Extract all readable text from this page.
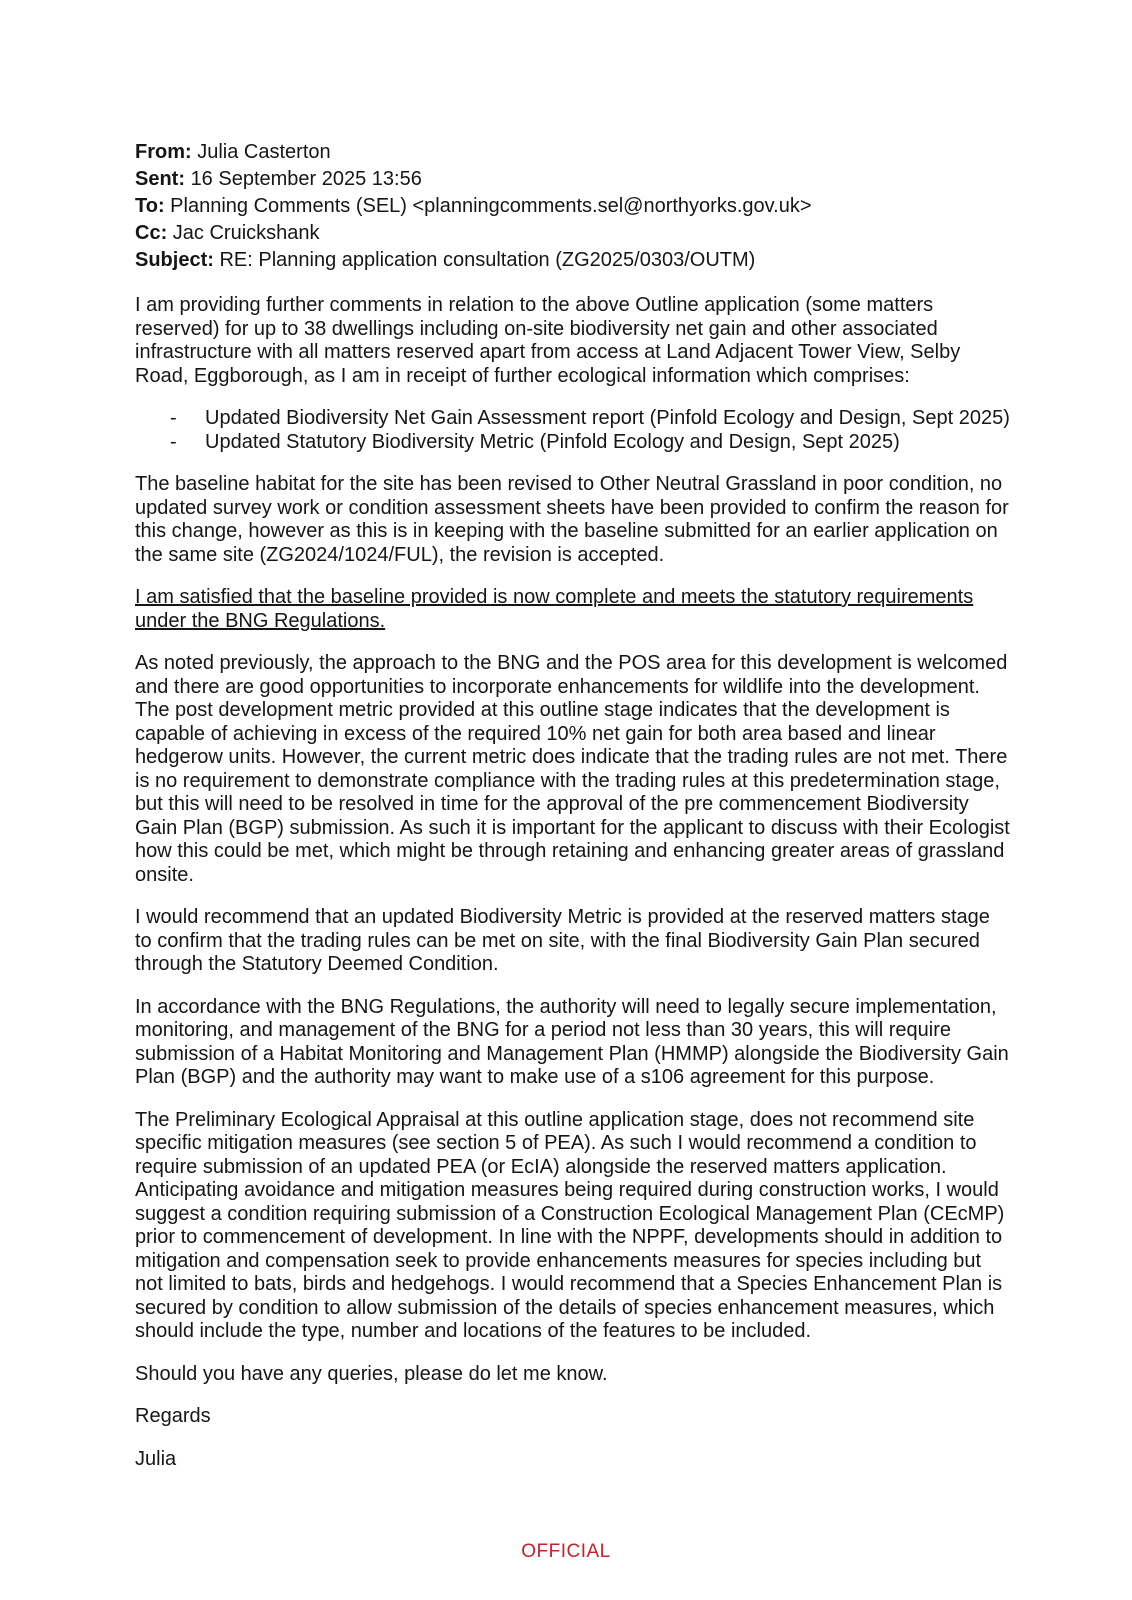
From: Julia Casterton
Sent: 16 September 2025 13:56
To: Planning Comments (SEL) <planningcomments.sel@northyorks.gov.uk>
Cc: Jac Cruickshank
Subject: RE: Planning application consultation (ZG2025/0303/OUTM)

I am providing further comments in relation to the above Outline application (some matters reserved) for up to 38 dwellings including on-site biodiversity net gain and other associated infrastructure with all matters reserved apart from access at Land Adjacent Tower View, Selby Road, Eggborough, as I am in receipt of further ecological information which comprises:

- Updated Biodiversity Net Gain Assessment report (Pinfold Ecology and Design, Sept 2025)
- Updated Statutory Biodiversity Metric (Pinfold Ecology and Design, Sept 2025)

The baseline habitat for the site has been revised to Other Neutral Grassland in poor condition, no updated survey work or condition assessment sheets have been provided to confirm the reason for this change, however as this is in keeping with the baseline submitted for an earlier application on the same site (ZG2024/1024/FUL), the revision is accepted.

I am satisfied that the baseline provided is now complete and meets the statutory requirements under the BNG Regulations.

As noted previously, the approach to the BNG and the POS area for this development is welcomed and there are good opportunities to incorporate enhancements for wildlife into the development. The post development metric provided at this outline stage indicates that the development is capable of achieving in excess of the required 10% net gain for both area based and linear hedgerow units. However, the current metric does indicate that the trading rules are not met. There is no requirement to demonstrate compliance with the trading rules at this predetermination stage, but this will need to be resolved in time for the approval of the pre commencement Biodiversity Gain Plan (BGP) submission. As such it is important for the applicant to discuss with their Ecologist how this could be met, which might be through retaining and enhancing greater areas of grassland onsite.

I would recommend that an updated Biodiversity Metric is provided at the reserved matters stage to confirm that the trading rules can be met on site, with the final Biodiversity Gain Plan secured through the Statutory Deemed Condition.

In accordance with the BNG Regulations, the authority will need to legally secure implementation, monitoring, and management of the BNG for a period not less than 30 years, this will require submission of a Habitat Monitoring and Management Plan (HMMP) alongside the Biodiversity Gain Plan (BGP) and the authority may want to make use of a s106 agreement for this purpose.

The Preliminary Ecological Appraisal at this outline application stage, does not recommend site specific mitigation measures (see section 5 of PEA). As such I would recommend a condition to require submission of an updated PEA (or EcIA) alongside the reserved matters application. Anticipating avoidance and mitigation measures being required during construction works, I would suggest a condition requiring submission of a Construction Ecological Management Plan (CEcMP) prior to commencement of development. In line with the NPPF, developments should in addition to mitigation and compensation seek to provide enhancements measures for species including but not limited to bats, birds and hedgehogs. I would recommend that a Species Enhancement Plan is secured by condition to allow submission of the details of species enhancement measures, which should include the type, number and locations of the features to be included.

Should you have any queries, please do let me know.

Regards

Julia

OFFICIAL
